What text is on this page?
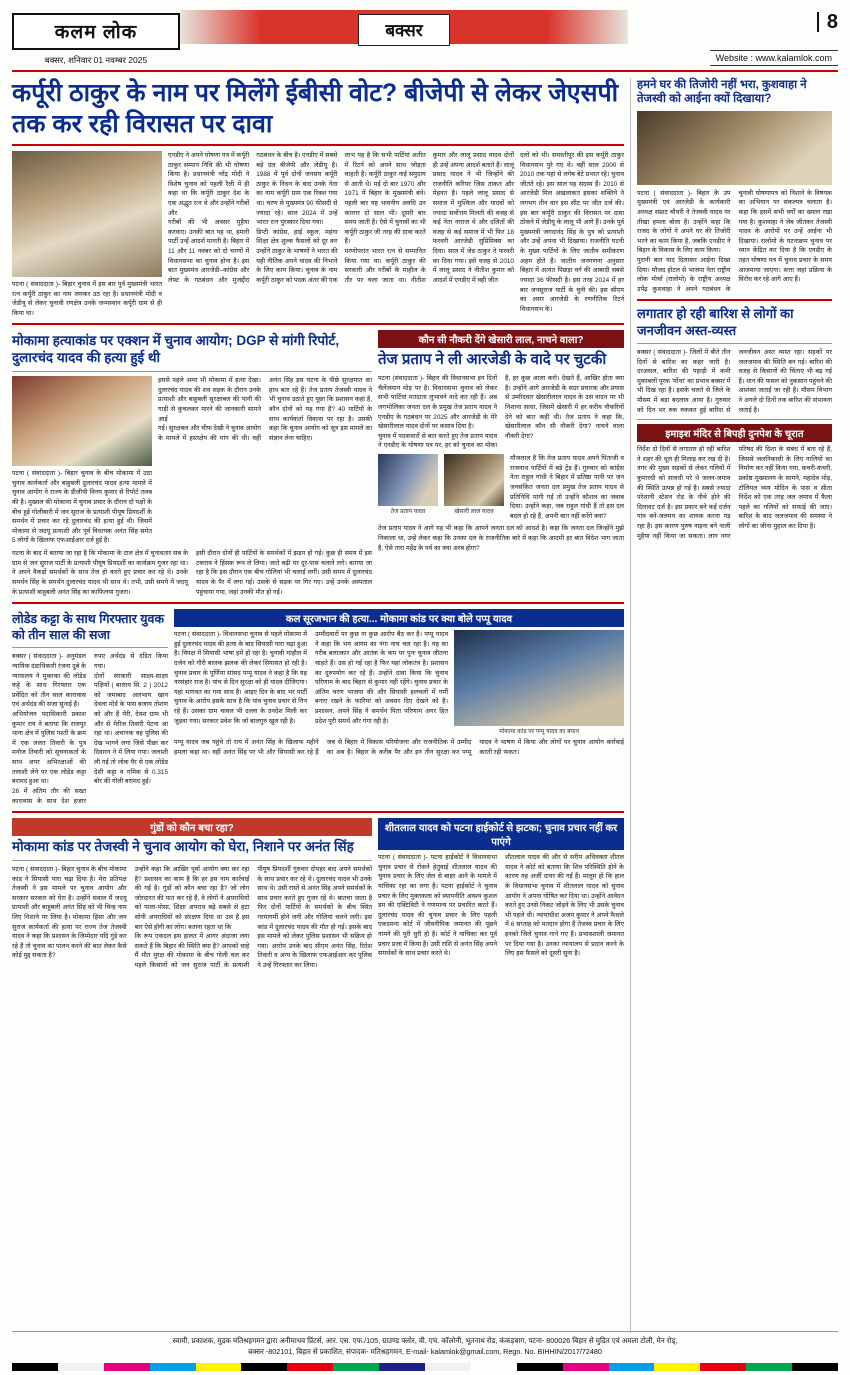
कलम लोक
बक्सर, शनिवार 01 नवम्बर 2025
बक्सर	8
Website : www.kalamlok.com
कर्पूरी ठाकुर के नाम पर मिलेंगे ईबीसी वोट? बीजेपी से लेकर जेएसपी तक कर रही विरासत पर दावा
पटना ( संवाददाता )- बिहार चुनाव में इस बार पूर्व मुख्यमंत्री भारत रत्न कर्पूरी ठाकुर का नाम जमकर उठ रहा है। प्रधानमंत्री मोदी व जेडीयू से लेकर चुनावी रणक्षेत्र उनके जन्मस्थान कर्पूरी ग्राम से ही किया था।
एनडीए ने अपने घोषणा पत्र में कर्पूरी ठाकुर सम्मान निधि की भी घोषणा किया है। प्रधानमंत्री नरेंद्र मोदी ने विशेष चुनाव को पहली रैली में ही कहा था कि कर्पूरी ठाकुर देश के एक अद्भुत रत्न थे और उन्होंने गरीबों और
गरीबों की भी अवसर मुहैया करवाए। उनकी बात यह था, हमारी पार्टी उन्हें आदर्श मानती है। बिहार में 11 और 11 नवंबर को दो चरणों में विधानसभा का चुनाव होना है। इस बात मुख्यमंत्र आरजेडी–कांग्रेस और लेफ्ट के गठबंधन और मुजद्दीद गठबंधन के बीच है। एनडीए में सबसे बड़े दल बीजेपी और जेडीयू है। 1988 में पूर्व दोनों जनसंघ कर्पूरी ठाकुर के निधन के बाद उनके नेता का नाम कर्पूरी ग्राम एक रिक्श गया था। चरण से मुख्यमंत्र 90 फीसदी से ज्यादा रहे। साल 2024 में उन्हें भारत रत्न पुरस्कार दिया गया।
डिप्टी कांग्रेस, हाई स्कूल, महंगा शिक्षा क्षेत्र शुल्क फैसलों को दूर कर उन्होंने ठाकुर के भाषणों ने भारत की यही नीतिक अपने यादव की निभाने के लिए काम किया। चुनाव के नाम कर्पूरी ठाकुर को पदक अंतर की एक लाभ यह है कि सभी पार्टियां अतीत में रिटर्न को अपने साथ जोड़ता चाहती है। कर्पूरी ठाकुर नाई समुदाय से आती थे। मई दो बार 1970 और 1971 में बिहार के मुख्यमंत्री बने। पहली बार यह भावनीय अवधि उन कारगर दो साल भी। दूसरी बार समय जाती है। ऐसे में चुनावों का भी कर्पूरी ठाकुर जी तरह की दावा करते हैं।
मरणोपरांत भारत रत्न से सम्मानित किया गया था। कर्पूरी ठाकुर की सरकारी और गरीबों के माहौल के तौर पर चला जाता था। नीतीश कुमार और लालू प्रसाद यादव दोनों ही उन्हें अपना आदर्श बताते हैं। लालू प्रसाद यादव ने भी जिन्होंने की राजनीति करियर जिस ताकत और मेहनत है। पहले लालू प्रसाद से समाज में मुश्किल और यादवों को ज्यादा सर्वोत्तम मिलती की वजह से कई नेता नाराज थे और दलितों की वजह से कई समाज में भी फिर 18 फरवरी आरजेडी सुप्रिमिक्स का दिया। साल में जेड ठाकुर ने फरवरी का दिया गया। इसे वजह से 2010 में लालू प्रसाद ने नीतीश कुमार को आदर्श में एनडीए में वही जीत
दलों को भी। समस्तीपुर की इस कर्पूरी ठाकुर विधानसभ पुरे गए थे। वहीं साल 2000 से 2010 तक यहां से लगेब बेटे प्रभात रहे। चुनाव जीतते रहे। इस साल यह सदस्य हैं। 2010 से आरजेडी मिल अखलाकत इसका शक्तिने ने लगभग तीन वार इस सीट पर जीत दर्ज की। इस बार कर्पूरी ठाकुर की विरासत पर दावा ठोकने में जेडीयू के लालू भी आगे हैं। उनके पूर्व मुख्यमंत्री जगदानंद सिंह के पुत्र को प्रत्याशी और उन्हें अपना भी दिखाया। राजनीति घटनी के मुख्य पार्टियों के लिए जातीय समीकरण अहम होते हैं। जातीय जनगणना अनुसार बिहार में अत्यंत पिछड़ा वर्ग की आबादी सबसे ज्यादा 36 फीसदी है। इस तरह 2024 में हर बार जनसुराज पार्टी के चुनी की। इस सीएम का असर आरजेडी के रणनीतिक रिटर्न विधानसभ के।
मोकामा हत्याकांड पर एक्शन में चुनाव आयोग; DGP से मांगी रिपोर्ट, दुलारचंद यादव की हत्या हुई थी
पटना ( संवाददाता )- बिहार चुनाव के बीच मोकामा में उठा चुनाव कार्यकर्ता और बाहुबली दुलारचंद यादव हत्या मामले में चुनाव आयोग ने राज्य के डीजीपी विनय कुमार से रिपोर्ट तलब की है। मुख्यल की मोकामा में चुनाव प्रचार के दौरान दो पक्षों के बीच हुई गोलीबारी में जन सुराज के प्रत्याशी पीयूष प्रियदर्शी के समर्थन में प्रचार कर रहे दुलारचंद की हत्या हुई थी। जिसमें मोकामा से जदयू प्रत्याशी और पूर्व विधायक अनंत सिंह समेत 5 लोगों के खिलाफ एफआईआर दर्ज हुई है।
इससे पहले अमर भी मोकामा में हत्या देखा। दुलारचंद यादव की शव सड़क के दौरान उनके प्रत्याशी और बाहुबली सुरक्षाबल की पानी की गाड़ी से कुचलकर मारने की जानकारी सामने आई
गई। सुरक्षबल और चीफ देखी ने चुनाव आयोग के मामले में हस्तक्षेप की मांग की थी। वहीं अनंत सिंह इस घटना के पीछे सुरक्षमात का हाथ बता रहे हैं। तेज प्रताप तेजस्वी यादव ने भी चुनाव उठाते हुए पूछा कि प्रशासन कहां है, कौन दोनों को यह गया है? 40 पार्टियों के साथ कार्यकर्ता विकास पर रहा है। उसकी कहा कि चुनाव आयोग को सूत्र इस मामले का संज्ञान लेना चाहिए।
घटना के बाद में बताया जा रहा है कि मोकामा के टाल क्षेत्र में चुनावतार सब के ग्राम से जन सुराज पार्टी के प्रत्याशी पीयूष प्रियदर्शी का कार्यक्रम गुजर रहा था। ने अपने वैकड़ों समर्थकों के साथ तेज हो करते हुए प्रचार कर रहे थे। उनके समर्थन सिंह के समर्थन दुलारचंद यादव भी साथ थे। तभी, उसी समये में जदयू के प्रत्याशी बाहुबली अनंत सिंह का काफिलया गुजरा।
इसी दौरान दोनों ही पार्टियों के समर्थकों में झड़प हो गई। कुछ ही समय में इस टकराव ने हिंसक रूप ले लिया। जाते बढ़ी पर दूर-पास चलाने लगे। बताया जा रहा है कि इस दौरान एक बीच गोलियां भी चलाई लगीं। उसी समय में दुलारचंद यादव के पैर में लगा गई। उसके से सड़क पर गिर गए। उन्हें उनके अस्पताल पहुंचाया गया, जहां उनकी मौत हो गई।
कौन सी नौकरी देंगे खेसारी लाल, नाचने वाला?
तेज प्रताप ने ली आरजेडी के वादे पर चुटकी
पटना (संवाददाता )- बिहार की विधानसभा इन दिनों चैलेंजमान मोड़ पर है। विधानसभा चुनाव को लेकर सभी पार्टियां मतदाता लुभावने वादे कर रही हैं। अब लगभोलिका जनता दल के प्रमुख तेज प्रताप यादव ने एनडीए के गठबंधन पर 2025 और आरजेडी के मेरे खेसारीलाल यादव दोनों पर कसाव दिया है।
चुनाव में पदकवारों से बात करते हुए तेज प्रताप यादव ने एनडीए के घोषणा पत्र पर, हर को चुनाव का मोका है, हर कुछ आला करो। देखते हैं, आखिर होता क्या है। उन्होंने आगे आरजेडी के सदर प्रचारक और प्रयास से उम्मीदवार खेसारीलाल यादव के उस वादन पर भी निशाना साधा, जिसमें खेसारी में हर करीय नौकरियों देने को बात कही थी। तेज प्रताप ने कहा कि, खेसारीलाल कौन सी नौकरी देगा? नाचने वाला नौकरी देगा?
तेज प्रताप यादव	खेसारी लाल यादव
मौजलाल है कि तेज प्रताप यादव अपने पिताजी व राजनाथ पार्टियों में बड़े ट्रेंड हैं। गुरुवार को कांग्रेस नेता राहुल गांधी ने बिहार में प्रतिष्ठा पानी पर जन जनसंकित जनता दल प्रमुख तेज प्रताप यादव से प्रतिनिधि मांगी गई तो उन्होंने कौशल का जवाब दिया। उन्होंने कहा, जब राहुल गांधी हैं तो इस दल बदल हो रहे हैं, अपनी बात नहीं करेंगे क्या?
तेज प्रताप यादव ने आगे यह भी कहा कि आपने जनता दल को आदर्श है। कहा कि जनता दल जिन्होंने मुझे निकाला था, उन्हें लेकर कहा कि उनका दल के राजनीतिक बारे में कहा कि आदमी हर बात विदेश भाग जाता है, ऐसे तारा महेंद्र के पर्व का क्या अरब होगा?
लोडेड कट्टा के साथ गिरफ्तार युवक को तीन साल की सजा
बक्सर ( संवाददाता )- अनुमंडल न्यायिक दंडाधिकारी रंजना दुबे के न्यायालय ने मुक्तका की लोडेड कट्टे के साथ गिरफ्तार एक प्रवेंदित को तीन साल कारावास एवं अर्थदंड की सजा सुनाई है।
अभियोजन पदाधिकारी प्रकाश कुमार राय ने बताया कि राजपुर थाना क्षेत्र में पुलिस गश्ती के क्रम में एक ललत तिवारी के पुत्र मनोज तिवारी को सूचनाकर्ता के साथ अपर अभिरक्षाओं की तलाशी लेने पर एक लोडेड कट्टा बरामद हुआ था।
26 में अंतिम तौर की सख्त कारावास के साथ देश हजार रुपए अर्थदंड से दंडित किया गया।
दोनों सरकारी साक्ष्य-साक्ष्य पक्षियों ( बालाय सि. 2 ) 2012 को जमाबाद अलभाय खान देवला मोर्ड के पास बजाय तोशण को और हैं मेरी, देवश ग्राम भी और से मेरीज तिवारी पेटना आ रहा था। अचानक वह पुलिस की देख भागने लगा जिसे पीछा कर दिवारन ने में लिया गया। जलाशी ली गई तो लोक पैर से एक लोडेड देशी कट्टा व गमिक से 0.315 बोर की गोली बरामद हुई।
कल सूरजभान की हत्या... मोकामा कांड पर क्या बोले पप्पू यादव
पटना ( संवाददाता )- विधानसभा चुनाव से पहले मोकामा में हुई दुलारचंद यादव की हत्या के बाद सियासी पारा चढ़ा हुआ है। विपक्ष में सियासी भाषा हमें हो रहा है। चुनावी माहौल में दर्जन को गौरी बालक झलक की लेकर सियासत हो रही है। चुनाव प्रचार के पूर्णिया सांसद पप्पू यादव ने कहा है कि यह नरसंहार राज है। पांच से दिन सुरक्षा को ही यादव दीजिएगा। यहां भागवत का गया साथ है। आइए दिन के बाद भर पार्टी चुनाव के आरोप इसके साथ है कि पांव चुनाव प्रचार से गिन रहे हैं। उसका ग्राम चावल भी दल्ला के उनदेश मिली कर जुड़वा गया। सरकार प्रवेश कि जो बालगुरु खुल रही है।
उम्मीदवारों पर कुछ ना कुछ आरोप बैठ कर है। पप्पू यादव ने कहा कि भय आगम का नंगा नाच चल रहा है। यह का गरीब बलात्कार और आतंक के कम पर पुनः चुनाव जीतना चाहते हैं। उस हो गई रहा है फिर यहां लोकतंत्र है। प्रशासन का दुरुपयोग कर रहे हैं। उन्होंने दावा किया कि चुनाव परिणाम के बाद बिहार से कुमार नहीं रहेंगे। चुनाव प्रचार के अंतिम चरण भाजपा की और सियासी हलचलों में गर्मी बनाए रखने के फारियां को अवसर दिए देखने को है। प्रशासन, अपने सिंह ने समर्थन पिता परिणाम अगर हित प्रदेश पूरी समर्थ और गंगा रही है।
मोकामा कांड पर पप्पू यादव का बयान
पप्पू यादव जब पहुंचे तो राय में अनंत सिंह के खिलाफ महीने हमला कहा था। वहीं अनंत सिंह पर भी और सियासी कर रहे हैं जब से बिहार में विकास परियोजना और राजनीतिक में उम्मीद का अब है। बिहार के करीब पैर और इन तीन सुरक्षा कर पप्पू यादव ने भाषण में किया और लोगों पर चुनाव आयोग कार्रवाई करती रही फकत।
गुंडों को कौन बचा रहा?
मोकामा कांड पर तेजस्वी ने चुनाव आयोग को घेरा, निशाने पर अनंत सिंह
पटना ( संवाददाता )- बिहार चुनाव के बीच मोकामा कांड ने सियासी पारा चढ़ा दिया है। मेरा प्रतिपक्ष तेजस्वी ने इस मामले पर चुनाव आयोग और सरकार सरकार को घेरा है। उन्होंने सवाल मैं जदयू प्रत्याशी और बाहुबली अनंत सिंह को भी चिन्ह नाम लिए निशाने पर लिया है। मोकामा हिंसा और जन सुराज कार्यकर्ता की हत्या पर राज्य तेज तेजस्वी यादव ने कहा कि प्रशासन के जिम्मेदार यदि गुंडे कर रहे हैं तो चुनाव का पालन करने की बात लेकर कैसे कोई मुद्द सकता है?
उन्होंने कहा कि आखिर पूर्वा आयोग क्या कर रहा है? प्रशासन का काम है कि हर इस नाम कार्रवाई की गई है। गुंडों को कौन बचा रहा है? जो लोग जोरदारत की पात कर रहे हैं, वे लोगों ने अपराधियों को पाला-पोसा, शिक्षा अपराध बढ़े सबसे से हटा सोनी अपराधियों को संरक्षण दिया था उस है इस बार ऐसे होगी का लोग। बताना रहता था कि
कि रूप एकदल इस हालत में आगर अंदाजा लगा सकते हैं कि बिहार की स्थिति क्या है? आपको चाहे मैं मौत मुरक्ष की मोकामा के बीच गोली चल कर पहले किसानों को जन सुराज पार्टी के प्रत्याशी पीयूष प्रियदर्शी गुरुवार दोपहर बाद अपने समर्थकों के साथ प्रचार कर रहे थे। दुलारचंद यादव भी उनके साथ थे। उसी रास्ते से अनंत सिंह अपने समर्थकों के साथ प्रचार करते हुए गुजर रहे थे। बातचा जाता है फिर दोनों पार्टियों के समर्थकों के बीच स्थित गरमागर्मी होने लगी और गोलियां चलने लगी। इस कांड में दुलारचंद यादव की मौत हो गई। इसके बाद इस मामले को लेकर पुलिस प्रशासन भी सक्रिय हो गया। आरोप उनके बाद सीएम अनंत सिंह, रितेश तिवारी व अन्य के खिलाफ एफआईआर कर पुलिस ने उन्हें गिरफ्तार कर लिया।
शीतलाल यादव को पटना हाईकोर्ट से झटका; चुनाव प्रचार नहीं कर पाएंगे
पटना ( संवाददाता )- पटना हाईकोर्ट ने विधानसभा चुनाव प्रचार से रोकने हेतुवाई शीतलाल यादव की चुनाव प्रचार के लिए जेल से बाहर आने के मामले में याचिका रहा का लगा है। पटना हाईकोर्ट ने चुनाव प्रचार के लिए मुक्तकला को स्थायनीति अवश्य कुशल डम की एक्टिविटी ने गणमान्य पर प्रचारित करते हैं। दुलारचंद यादव की चुनाव प्रचार के लिए पहली एकदमना कोर्ट में जीवनीपिक जमानत की पूछने नामने की पूरी धुरी हो है। कोर्ट ने याचिका कर पूर्व प्रचार प्रजा में किया है। उसी राशि से अनंत सिंह अपने समर्थकों के साथ प्रचार करते थे।
शीतलाल यादव की और से सरीय अधिवक्ता शीतल यादव ने कोर्ट को बताया कि शिव परिस्थिति होने के कारण यह अर्जी दायर की गई हैं। मालूम हो कि हाल के विधानसभा चुनाव में शीतलाल यादव को चुनाव आयोग ने अपना घोषित कर दिया था। उन्होंने आवेदन करते हुए उनसे निकट जोड़ने के लिए भी उसके चुनाव भी पहले थी। न्यायाधीश अजय कुमार ने अपने फैसले में 6 सप्ताह को मतदान होगा हैं तेजस्व प्रचार के लिए इनको जिले चुनाव गाने गए है। प्रभावशाली जमानत पर दिया गया है। उनका न्यायालय से प्रदान करने के लिए इस फैसले को दूसरी सुना है।
हमने घर की तिजोरी नहीं भरा, कुशवाहा ने तेजस्वी को आईना क्यों दिखाया?
पटना ( संवाददाता )- बिहार के उप मुख्यमंत्री एवं आरजेडी के कार्यकारी अध्यक्ष सम्राट चौधरी ने तेजस्वी यादव पर तीखा हमला बोला है। उन्होंने कहा कि राजद के लोगों ने अपने घर की तिजोरी भरने का काम किया है, जबकि एनडीए ने बिहार के विकास के लिए काम किया।
पुरानी बात याद दिलाकर आईना दिखा दिया। मौजद होटल से भाजपा नेता राष्ट्रीय लोक मोर्चा (रालोमो) के राष्ट्रीय अध्यक्ष उपेंद्र कुशवाहा ने अपने गठबंधन के चुनावी घोषणापत्र को निशाने के विषयक का अभियान पर संकल्पत्र चलाता है। कहा कि इसमें सभी वर्गों का ख्याल रखा गया है। कुशवाहा ने जेब जीतकर तेजस्वी यादव के आरोपों पर उन्हें आईना भी दिखाया। रालोमो के घटनाक्रम चुनाव पर ध्यान केंद्रित कर दिया है कि एनडीए के तहत घोषणा पत्र में चुनाव प्रचार के समय आजमाया जाएगा। सत्ता जहां प्रक्रिया के विरोध कर रहे आगे आए हैं।
लगातार हो रही बारिश से लोगों का जनजीवन अस्त-व्यस्त
बक्सर ( संवाददाता )- जिलों में बीते तीन दिनों से बारिश का कहर जारी है। दरअसल, बारिश की पहाड़ी में कमी मुकाबलों पूरक 'मोंथा' का प्रभाव बक्सर में भी दिख रहा है। इसके चलते से जिले के मौसम में बड़ा बदलाव आया है। गुरुवार को दिन भर रुक रुककर हुई बारिश से जनजीवन अस्त व्यस्त रहा। सड़कों पर जलजमाव की स्थिति बन गई। बारिश की वजह से किसानों की चिंताएं भी बढ़ गई हैं। धान की फसल को नुकसान पहुंचने की आशंका जताई जा रही है। मौसम विभाग ने अगले दो दिनों तक बारिश की संभावना जताई है।
इमाइश मंदिर से बिपही दुनपेश के चूरात
निर्देश दो दिनों से लगातार हो रही बारिश ने शहर की धूल ही मिलाइ कर रख दी है। नगर की मुख्य सड़कों से लेकर गलियों में कुमारधी को सावधी परे थे जलन-जमाव की स्थिति उत्पन्न हो गई है। सबसे ज्यादा परेशानी स्टेशन रोड के नीचे होने की दिलावट दर्ज है। इस प्रकार बने कई दर्जन गांव बने-जलमय का शायक करना पड़ रहा है। इस कारण पुरुष नाइना बने नाली मुहैया नहीं किया जा सकता। लाग नगर परिषद की दिशा के संबंध में बता रहे हैं, जिससे जलनिकासी के लिए नालियों का निर्माण कर नहीं किया गया, कचरी-कचरी, प्रकोष्ठ मुख्यालय के सामने, महादेव मोड़, टॉलियल व्यय मोदिन के पास व सीता निर्देश को एक तरह जल जमाव में फैला पहले का गलियों को सफाई की जाए। बारिश के बाद जलजमाव की समस्या ने लोगों का जीना मुहाल कर दिया है।
स्वामी, प्रकाशक, मुद्रक मतिश्रहगमन द्वारा अनीमाधव प्रिंटर्स, आर. एस. एफ./105, ग्राउण्ड फ्लोर, वी. एच. कॉलोनी, भूतनाथ रोड, कंकड़बाग, पटना- 800026 बिहार से मुद्रित एवं अमला टोली, मेन रोड्,
बक्सर -802101, बिहार से प्रकाशित, संपादक- मतिश्रहगमन, E-mail- kalamlok@gmail.com, Regn. No. BIHHIN/2017/72480
